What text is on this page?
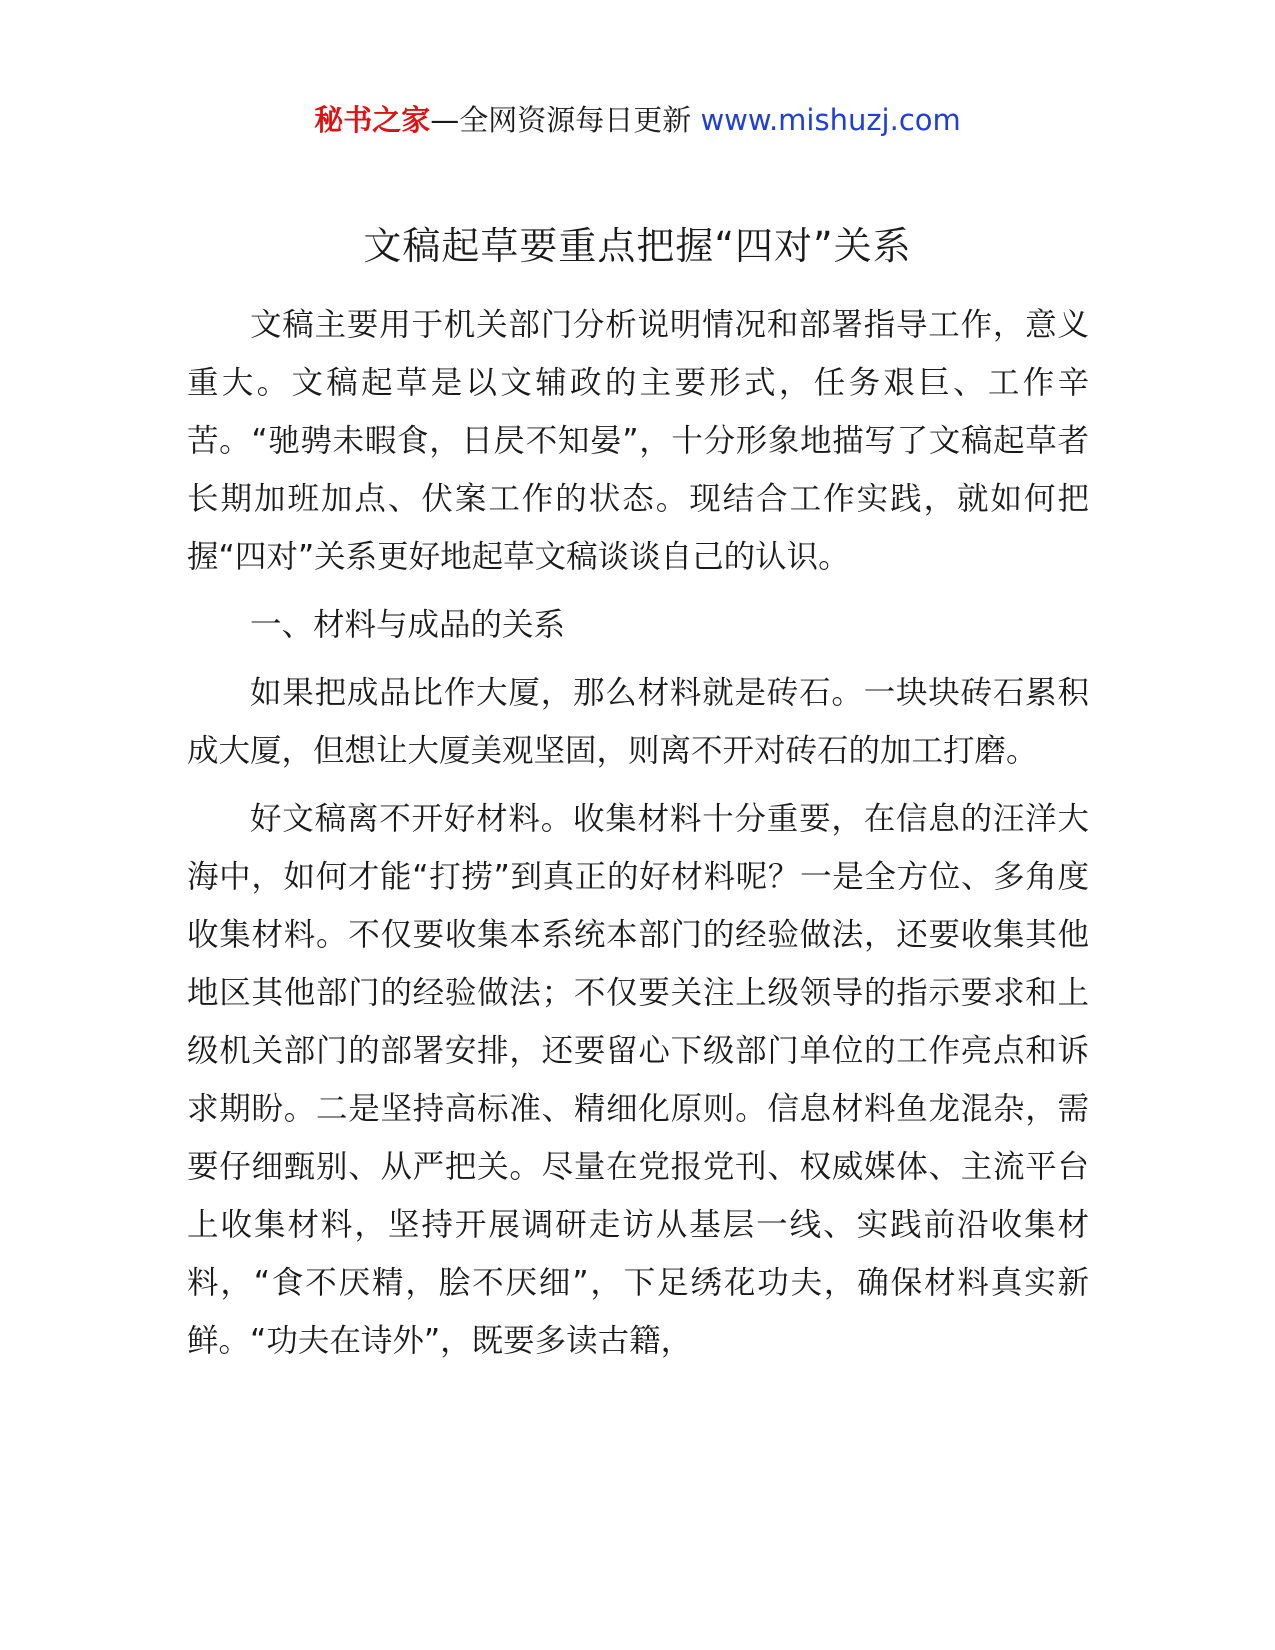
秘书之家—全网资源每日更新 www.mishuzj.com
文稿起草要重点把握“四对”关系

文稿主要用于机关部门分析说明情况和部署指导工作，意义重大。文稿起草是以文辅政的主要形式，任务艰巨、工作辛苦。“驰骋未暇食，日昃不知晏”，十分形象地描写了文稿起草者长期加班加点、伏案工作的状态。现结合工作实践，就如何把握“四对”关系更好地起草文稿谈谈自己的认识。

一、材料与成品的关系

如果把成品比作大厦，那么材料就是砖石。一块块砖石累积成大厦，但想让大厦美观坚固，则离不开对砖石的加工打磨。

好文稿离不开好材料。收集材料十分重要，在信息的汪洋大海中，如何才能“打捞”到真正的好材料呢？一是全方位、多角度收集材料。不仅要收集本系统本部门的经验做法，还要收集其他地区其他部门的经验做法；不仅要关注上级领导的指示要求和上级机关部门的部署安排，还要留心下级部门单位的工作亮点和诉求期盼。二是坚持高标准、精细化原则。信息材料鱼龙混杂，需要仔细甄别、从严把关。尽量在党报党刊、权威媒体、主流平台上收集材料，坚持开展调研走访从基层一线、实践前沿收集材料，“食不厌精，脍不厌细”，下足绣花功夫，确保材料真实新鲜。“功夫在诗外”，既要多读古籍，
